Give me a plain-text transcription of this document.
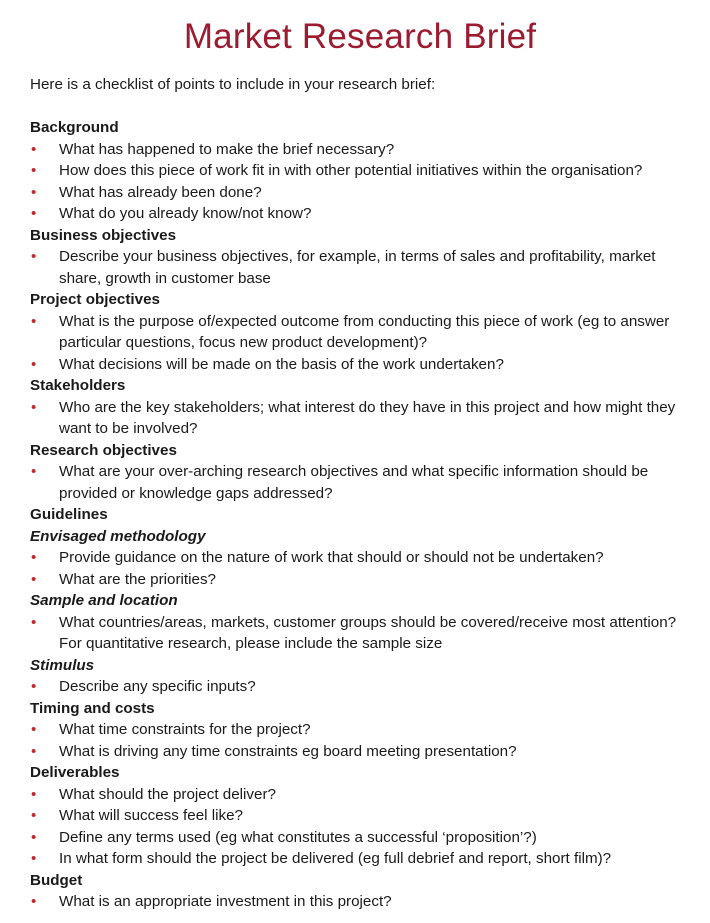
Market Research Brief

Here is a checklist of points to include in your research brief:

Background
• What has happened to make the brief necessary?
• How does this piece of work fit in with other potential initiatives within the organisation?
• What has already been done?
• What do you already know/not know?
Business objectives
• Describe your business objectives, for example, in terms of sales and profitability, market share, growth in customer base
Project objectives
• What is the purpose of/expected outcome from conducting this piece of work (eg to answer particular questions, focus new product development)?
• What decisions will be made on the basis of the work undertaken?
Stakeholders
• Who are the key stakeholders; what interest do they have in this project and how might they want to be involved?
Research objectives
• What are your over-arching research objectives and what specific information should be provided or knowledge gaps addressed?
Guidelines
Envisaged methodology
• Provide guidance on the nature of work that should or should not be undertaken?
• What are the priorities?
Sample and location
• What countries/areas, markets, customer groups should be covered/receive most attention? For quantitative research, please include the sample size
Stimulus
• Describe any specific inputs?
Timing and costs
• What time constraints for the project?
• What is driving any time constraints eg board meeting presentation?
Deliverables
• What should the project deliver?
• What will success feel like?
• Define any terms used (eg what constitutes a successful ‘proposition’?)
• In what form should the project be delivered (eg full debrief and report, short film)?
Budget
• What is an appropriate investment in this project?
